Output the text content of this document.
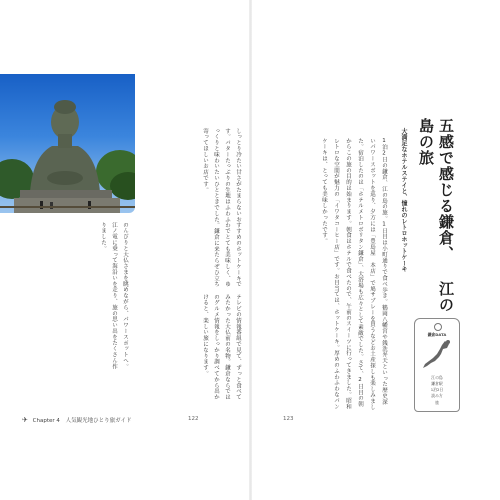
しっとり冷たい甘さがたまらないおすすめのホットケーキです。バターたっぷりの生地はふわふわでとても美味しく、ゆっくりと味わいたいひとときでした。鎌倉に来たらぜひ立ち寄ってほしいお店です。
テレビの情報番組で見て、ずっと食べてみたかった大仏前の名物。鎌倉ならではのグルメ情報をしっかり調べてから出かけると、楽しい旅になります。
のんびりと大仏さまを眺めながら、パワースポットへ。江ノ電に乗って海沿いを走り、旅の思い出をたくさん作りました。
✈ Chapter 4 人気観光地ひとり旅ガイド	122
五感で感じる鎌倉、 江の島の旅
大満足なホテルステイと、憧れのレトロホットケーキ
1泊2日の鎌倉、江の島の旅。1日目は小町通りで食べ歩き。鶴岡八幡宮や銭洗弁天といった歴史深いパワースポットを巡り、夕方には「豊島屋 本店」で鳩サブレーを買うなどお土産探しも楽しみました。宿泊したのは「ホテルメトロポリタン鎌倉」、大浴場も広々として素敵でした。さて、2日目の朝からこの旅の目的は始まります。朝食はホテルで食べたので、午前のスイーツに行ってきました。昭和レトロな空間が魅力の「イワタコーヒー店」です。お目当ては、ホットケーキ。厚めのふわふわなパンケーキは、とっても美味しかったです。
鎌倉DATA
江の島
鎌倉駅
1泊2日
読み方
旅
123
